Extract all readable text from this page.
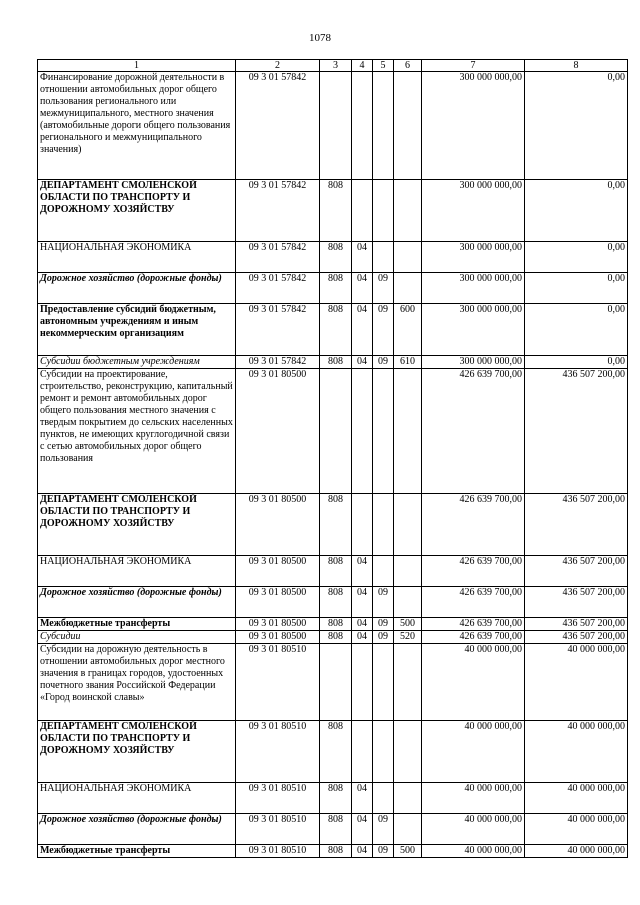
1078
1	2	3	4	5	6	7	8
Финансирование дорожной деятельности в отношении автомобильных дорог общего пользования регионального или межмуниципального, местного значения (автомобильные дороги общего пользования регионального и межмуниципального значения)	09 3 01 57842					300 000 000,00	0,00
ДЕПАРТАМЕНТ СМОЛЕНСКОЙ ОБЛАСТИ ПО ТРАНСПОРТУ И ДОРОЖНОМУ ХОЗЯЙСТВУ	09 3 01 57842	808				300 000 000,00	0,00
НАЦИОНАЛЬНАЯ ЭКОНОМИКА	09 3 01 57842	808	04			300 000 000,00	0,00
Дорожное хозяйство (дорожные фонды)	09 3 01 57842	808	04	09		300 000 000,00	0,00
Предоставление субсидий бюджетным, автономным учреждениям и иным некоммерческим организациям	09 3 01 57842	808	04	09	600	300 000 000,00	0,00
Субсидии бюджетным учреждениям	09 3 01 57842	808	04	09	610	300 000 000,00	0,00
Субсидии на проектирование, строительство, реконструкцию, капитальный ремонт и ремонт автомобильных дорог общего пользования местного значения с твердым покрытием до сельских населенных пунктов, не имеющих круглогодичной связи с сетью автомобильных дорог общего пользования	09 3 01 80500					426 639 700,00	436 507 200,00
ДЕПАРТАМЕНТ СМОЛЕНСКОЙ ОБЛАСТИ ПО ТРАНСПОРТУ И ДОРОЖНОМУ ХОЗЯЙСТВУ	09 3 01 80500	808				426 639 700,00	436 507 200,00
НАЦИОНАЛЬНАЯ ЭКОНОМИКА	09 3 01 80500	808	04			426 639 700,00	436 507 200,00
Дорожное хозяйство (дорожные фонды)	09 3 01 80500	808	04	09		426 639 700,00	436 507 200,00
Межбюджетные трансферты	09 3 01 80500	808	04	09	500	426 639 700,00	436 507 200,00
Субсидии	09 3 01 80500	808	04	09	520	426 639 700,00	436 507 200,00
Субсидии на дорожную деятельность в отношении автомобильных дорог местного значения в границах городов, удостоенных почетного звания Российской Федерации «Город воинской славы»	09 3 01 80510					40 000 000,00	40 000 000,00
ДЕПАРТАМЕНТ СМОЛЕНСКОЙ ОБЛАСТИ ПО ТРАНСПОРТУ И ДОРОЖНОМУ ХОЗЯЙСТВУ	09 3 01 80510	808				40 000 000,00	40 000 000,00
НАЦИОНАЛЬНАЯ ЭКОНОМИКА	09 3 01 80510	808	04			40 000 000,00	40 000 000,00
Дорожное хозяйство (дорожные фонды)	09 3 01 80510	808	04	09		40 000 000,00	40 000 000,00
Межбюджетные трансферты	09 3 01 80510	808	04	09	500	40 000 000,00	40 000 000,00
